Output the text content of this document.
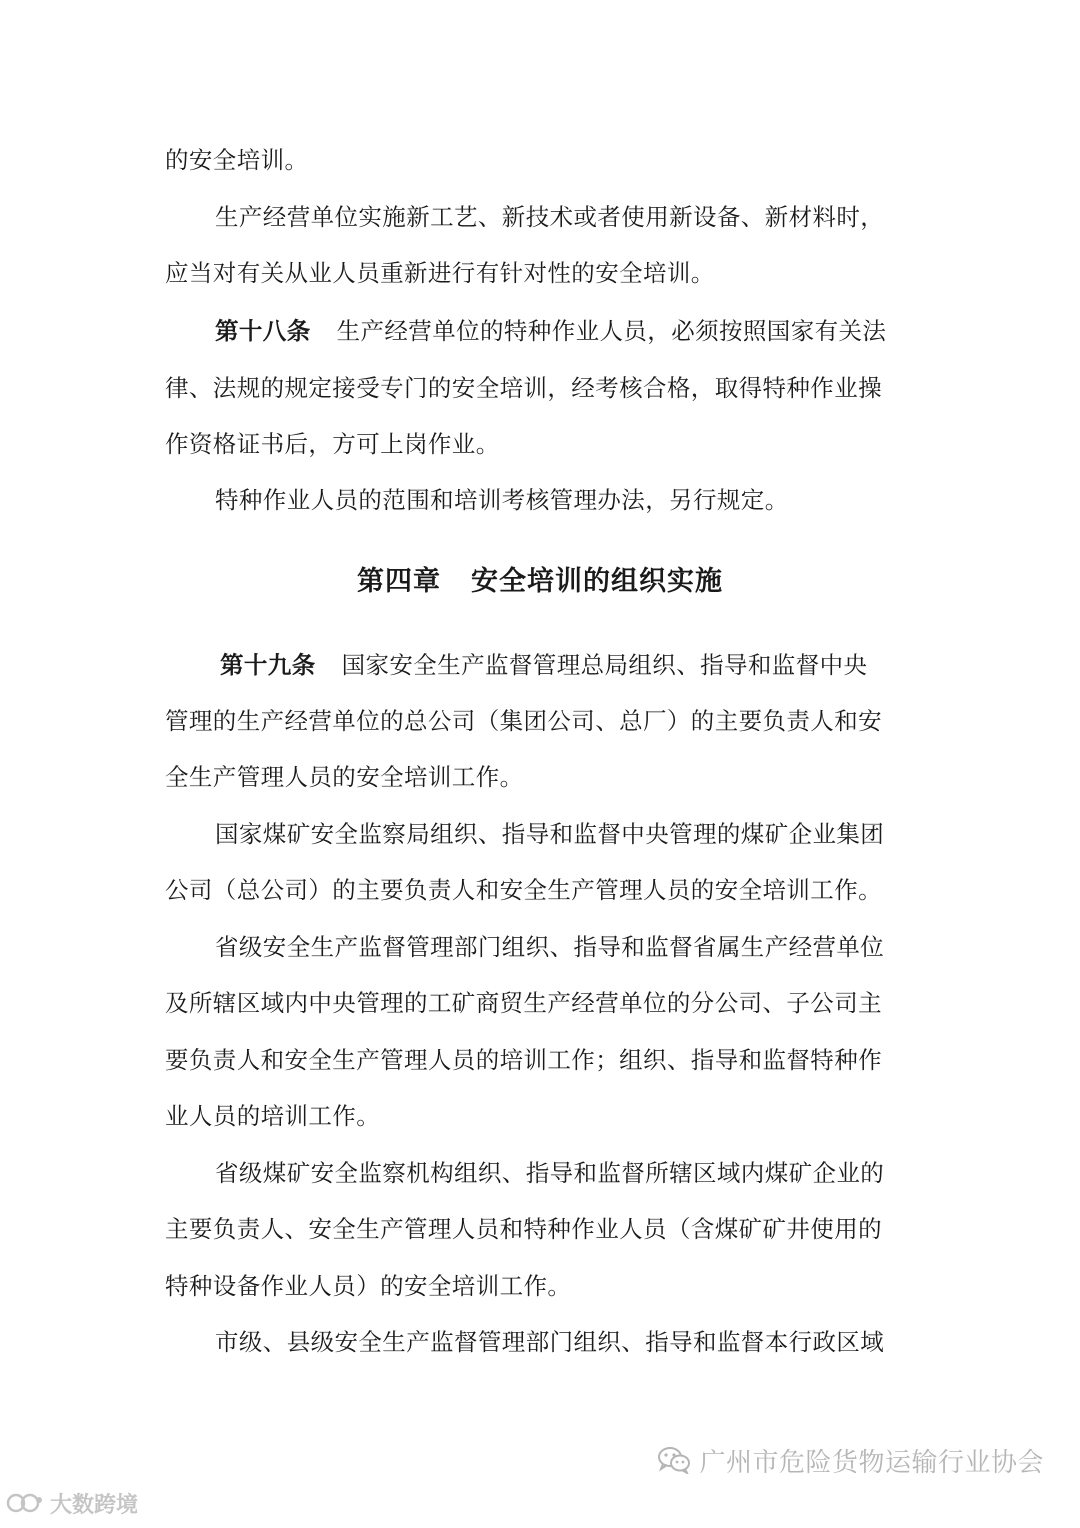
的安全培训。
生产经营单位实施新工艺、新技术或者使用新设备、新材料时，
应当对有关从业人员重新进行有针对性的安全培训。
第十八条 生产经营单位的特种作业人员，必须按照国家有关法
律、法规的规定接受专门的安全培训，经考核合格，取得特种作业操
作资格证书后，方可上岗作业。
特种作业人员的范围和培训考核管理办法，另行规定。
第四章 安全培训的组织实施
第十九条 国家安全生产监督管理总局组织、指导和监督中央
管理的生产经营单位的总公司（集团公司、总厂）的主要负责人和安
全生产管理人员的安全培训工作。
国家煤矿安全监察局组织、指导和监督中央管理的煤矿企业集团
公司（总公司）的主要负责人和安全生产管理人员的安全培训工作。
省级安全生产监督管理部门组织、指导和监督省属生产经营单位
及所辖区域内中央管理的工矿商贸生产经营单位的分公司、子公司主
要负责人和安全生产管理人员的培训工作；组织、指导和监督特种作
业人员的培训工作。
省级煤矿安全监察机构组织、指导和监督所辖区域内煤矿企业的
主要负责人、安全生产管理人员和特种作业人员（含煤矿矿井使用的
特种设备作业人员）的安全培训工作。
市级、县级安全生产监督管理部门组织、指导和监督本行政区域
广州市危险货物运输行业协会
大数跨境
